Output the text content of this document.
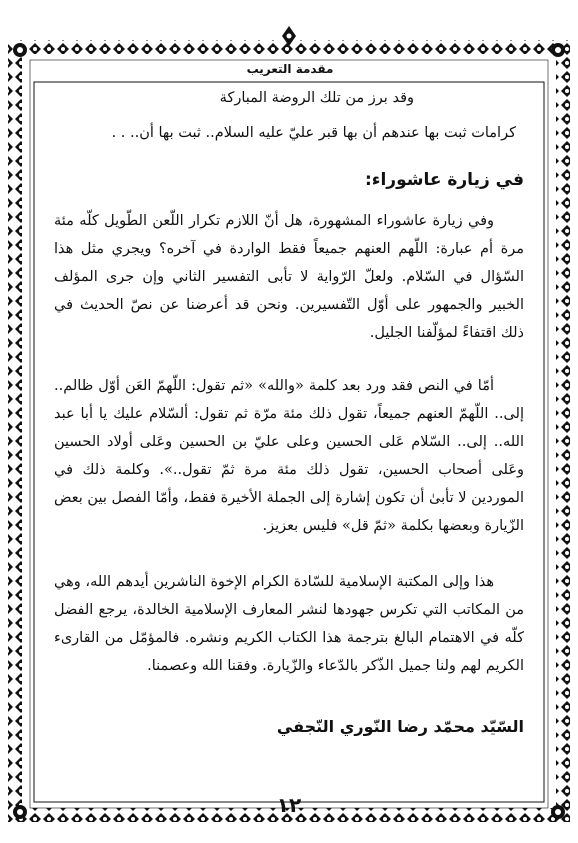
مقدمة التعريب

وقد برز من تلك الروضة المباركة

كرامات ثبت بها عندهم أن بها قبر عليّ عليه السلام.. ثبت بها أن.. . .

في زيارة عاشوراء:

وفي زيارة عاشوراء المشهورة، هل أنّ اللازم تكرار اللّعن الطّويل كلّه مئة مرة أم عبارة: اللّهم العنهم جميعاً فقط الواردة في آخره؟ ويجري مثل هذا السّؤال في السّلام. ولعلّ الرّواية لا تأبى التفسير الثاني وإن جرى المؤلف الخبير والجمهور على أوّل التّفسيرين. ونحن قد أعرضنا عن نصّ الحديث في ذلك اقتفاءً لمؤلّفنا الجليل.

أمّا في النص فقد ورد بعد كلمة «والله» «ثم تقول: اللّهمّ العَن أوّل ظالم.. إلى.. اللّهمّ العنهم جميعاً، تقول ذلك مئة مرّة ثم تقول: ألسّلام عليك يا أبا عبد الله.. إلى.. السّلام عَلى الحسين وعلى عليّ بن الحسين وعَلى أولاد الحسين وعَلى أصحاب الحسين، تقول ذلك مئة مرة ثمّ تقول..». وكلمة ذلك في الموردين لا تأبىٰ أن تكون إشارة إلى الجملة الأخيرة فقط، وأمّا الفصل بين بعض الزّيارة وبعضها بكلمة «ثمّ قل» فليس بعزيز.

هذا وإلى المكتبة الإسلامية للسّادة الكرام الإخوة الناشرين أيدهم الله، وهي من المكاتب التي تكرس جهودها لنشر المعارف الإسلامية الخالدة، يرجع الفضل كلّه في الاهتمام البالغ بترجمة هذا الكتاب الكريم ونشره. فالمؤمّل من القارىء الكريم لهم ولنا جميل الذّكر بالدّعاء والزّيارة. وفقنا الله وعصمنا.

السّيّد محمّد رضا النّوري النّجفي
١٢
